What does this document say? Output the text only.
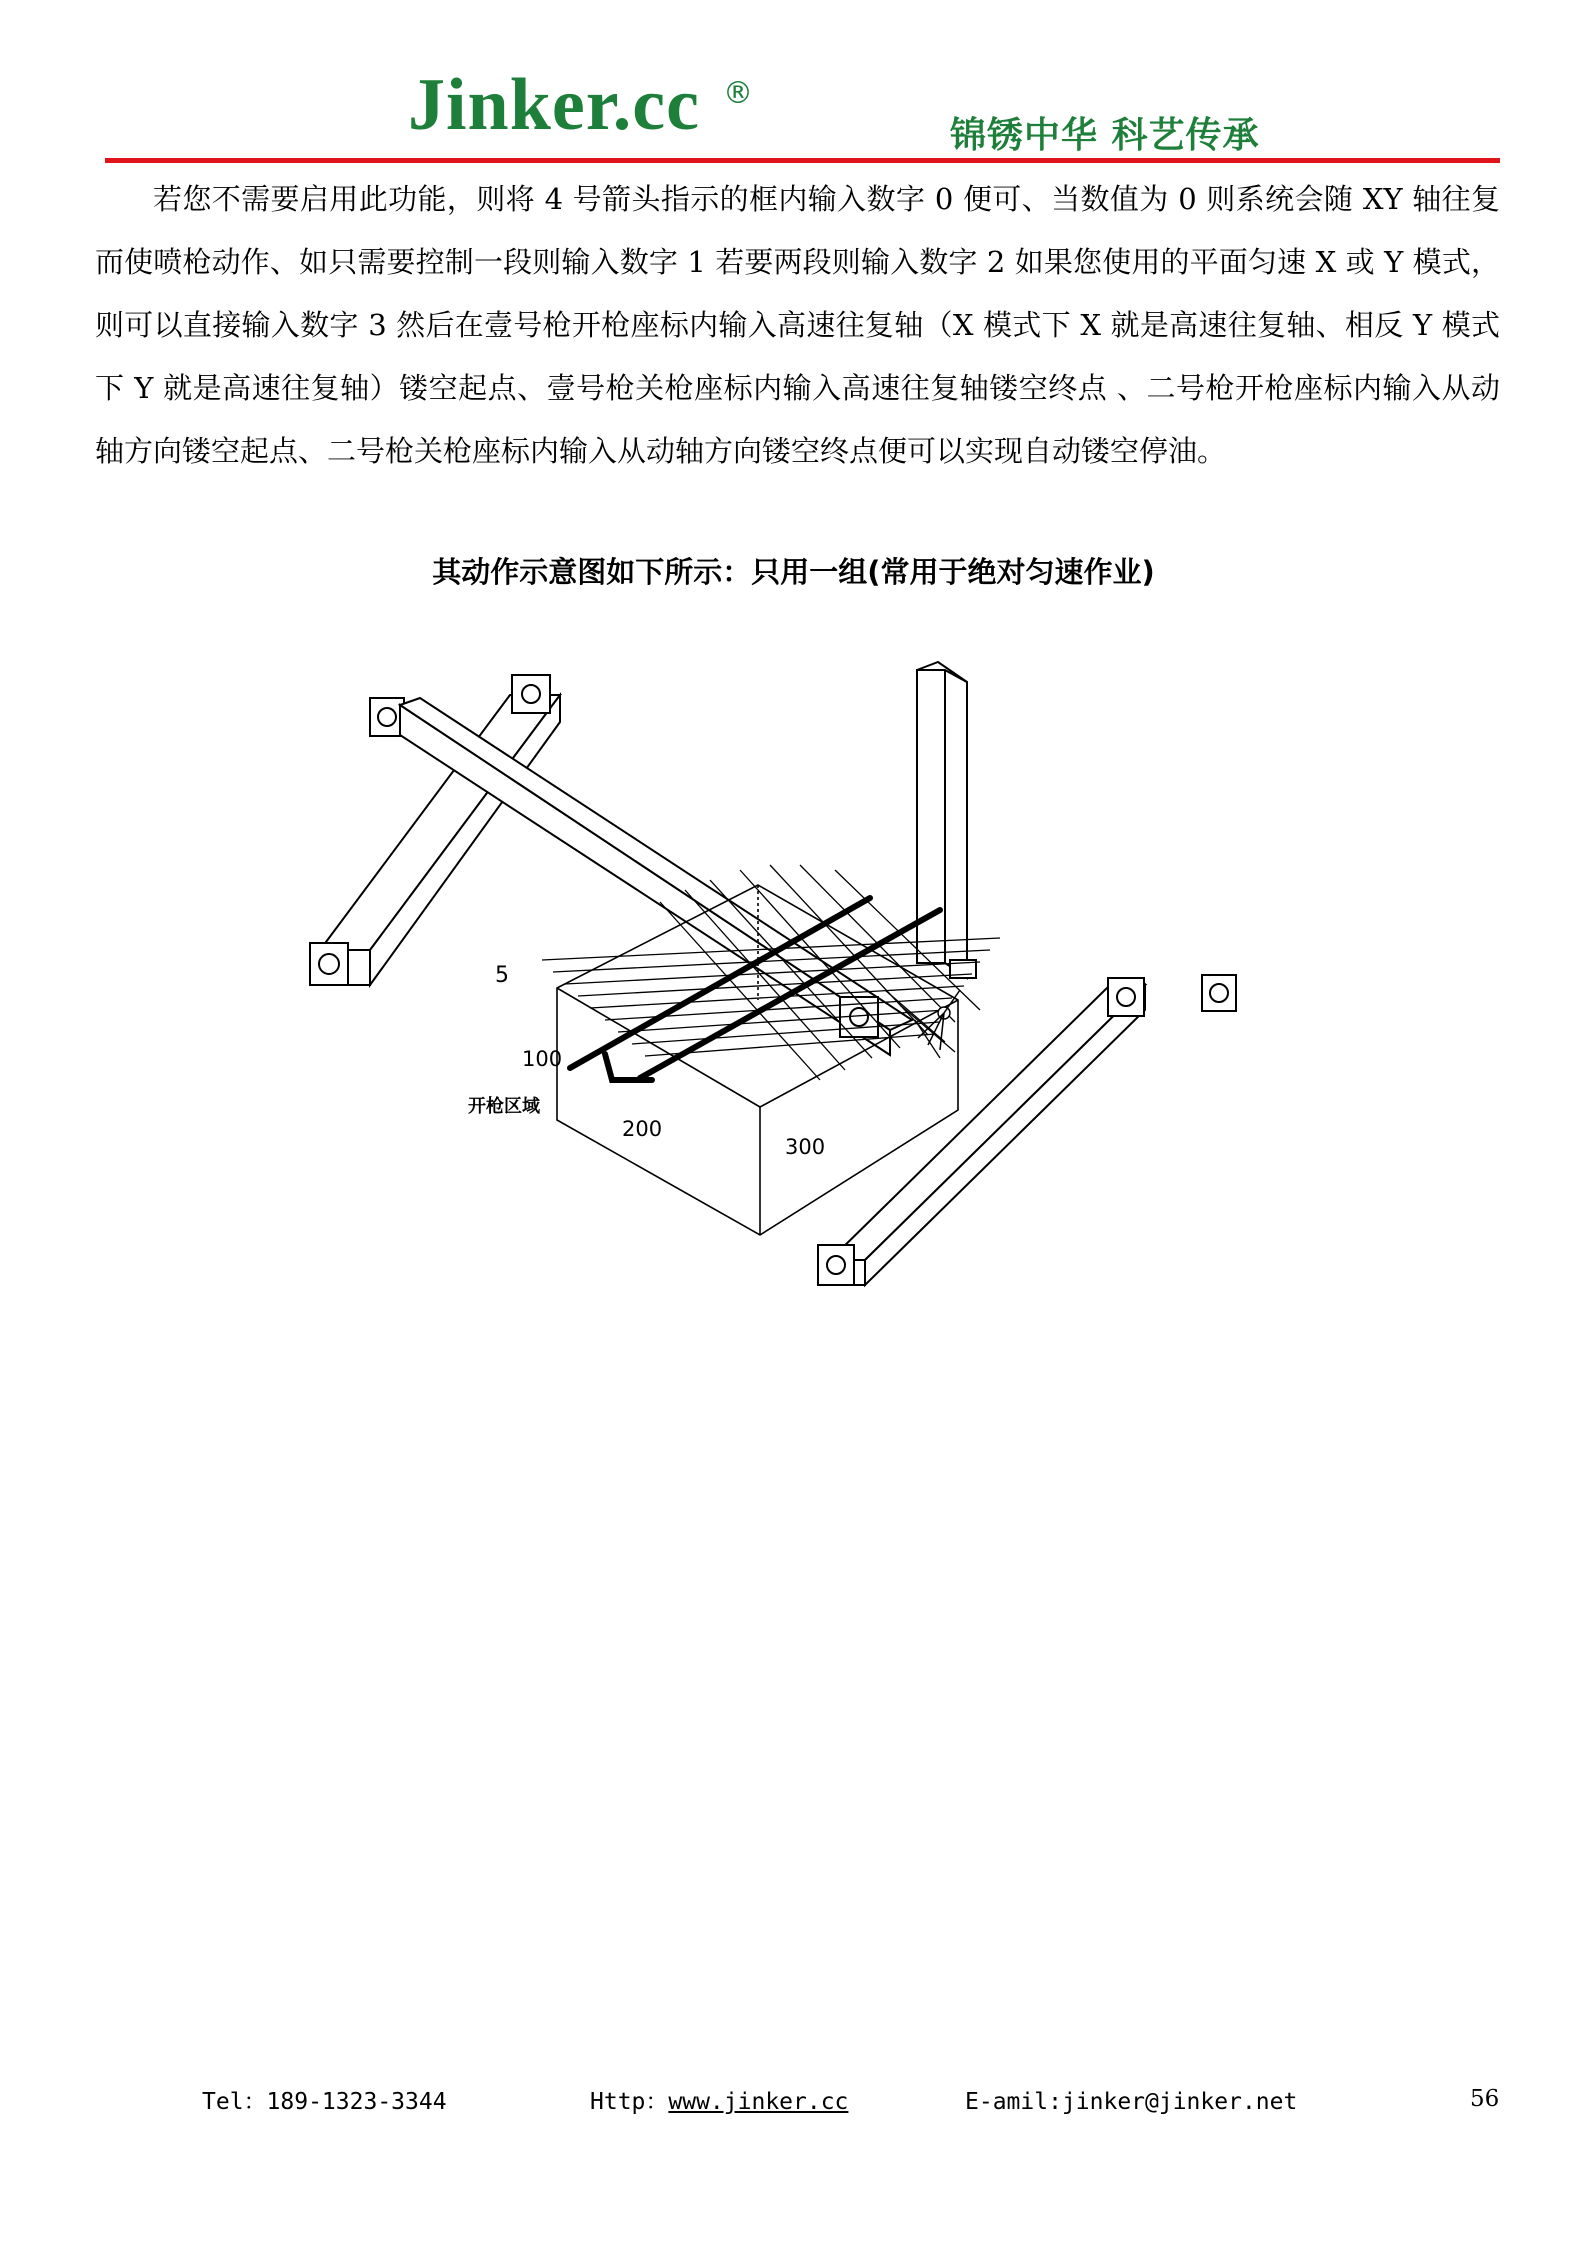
Jinker.cc ®
锦锈中华 科艺传承

若您不需要启用此功能，则将 4 号箭头指示的框内输入数字 0 便可、当数值为 0 则系统会随 XY 轴往复而使喷枪动作、如只需要控制一段则输入数字 1 若要两段则输入数字 2 如果您使用的平面匀速 X 或 Y 模式，则可以直接输入数字 3 然后在壹号枪开枪座标内输入高速往复轴（X 模式下 X 就是高速往复轴、相反 Y 模式下 Y 就是高速往复轴）镂空起点、壹号枪关枪座标内输入高速往复轴镂空终点 、二号枪开枪座标内输入从动轴方向镂空起点、二号枪关枪座标内输入从动轴方向镂空终点便可以实现自动镂空停油。

其动作示意图如下所示：只用一组(常用于绝对匀速作业)
5
100
200
300
开枪区域
Tel：189-1323-3344	Http：www.jinker.cc	E-amil:jinker@jinker.net	56
